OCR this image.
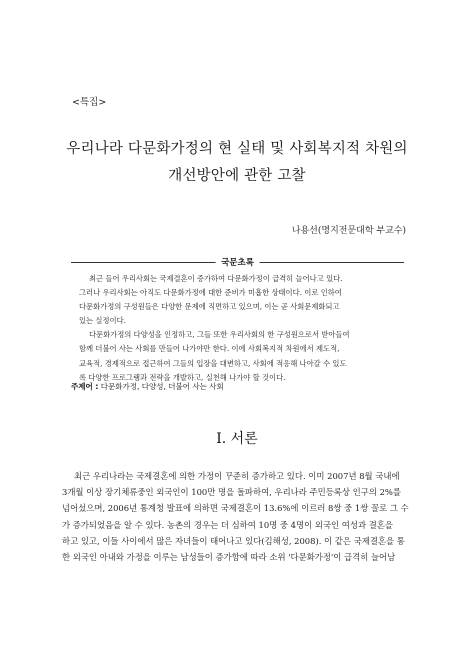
<특집>
우리나라 다문화가정의 현 실태 및 사회복지적 차원의
개선방안에 관한 고찰
나용선(명지전문대학 부교수)
국문초록

최근 들어 우리사회는 국제결혼이 증가하여 다문화가정이 급격히 늘어나고 있다.

그러나 우리사회는 아직도 다문화가정에 대한 준비가 미흡한 상태이다. 이로 인하여

다문화가정의 구성원들은 다양한 문제에 직면하고 있으며, 이는 곧 사회문제화되고

있는 실정이다.

다문화가정의 다양성을 인정하고, 그들 또한 우리사회의 한 구성원으로서 받아들여

함께 더불어 사는 사회를 만들어 나가야만 한다. 이에 사회복지적 차원에서 제도적,

교육적, 경제적으로 접근하여 그들의 입장을 대변하고, 사회에 적응해 나아갈 수 있도

록 다양한 프로그램과 전략을 개발하고, 실천해 나가야 할 것이다.

주제어 : 다문화가정, 다양성, 더불어 사는 사회
Ⅰ. 서론
최근 우리나라는 국제결혼에 의한 가정이 꾸준히 증가하고 있다. 이미 2007년 8월 국내에
3개월 이상 장기체류중인 외국인이 100만 명을 돌파하여, 우리나라 주민등록상 인구의 2%를
넘어섰으며, 2006년 통계청 발표에 의하면 국제결혼이 13.6%에 이르러 8쌍 중 1쌍 꼴로 그 수
가 증가되었음을 알 수 있다. 농촌의 경우는 더 심하여 10명 중 4명이 외국인 여성과 결혼을
하고 있고, 이들 사이에서 많은 자녀들이 태어나고 있다(김해성, 2008). 이 같은 국제결혼을 통
한 외국인 아내와 가정을 이루는 남성들이 증가함에 따라 소위 '다문화가정'이 급격히 늘어남
